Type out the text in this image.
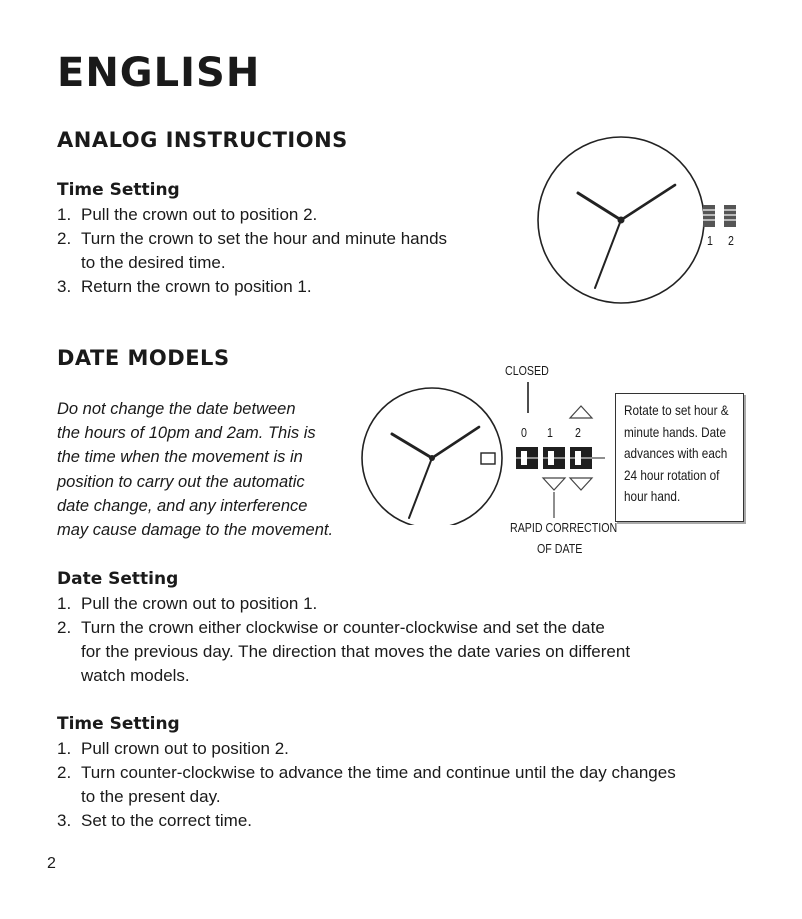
ENGLISH
ANALOG INSTRUCTIONS
Time Setting
1. Pull the crown out to position 2.
2. Turn the crown to set the hour and minute hands
to the desired time.
3. Return the crown to position 1.
1 2
DATE MODELS
Do not change the date between
the hours of 10pm and 2am. This is
the time when the movement is in
position to carry out the automatic
date change, and any interference
may cause damage to the movement.
CLOSED
0 1 2
RAPID CORRECTION
OF DATE
Rotate to set hour &
minute hands. Date
advances with each
24 hour rotation of
hour hand.
Date Setting
1. Pull the crown out to position 1.
2. Turn the crown either clockwise or counter-clockwise and set the date
for the previous day. The direction that moves the date varies on different
watch models.
Time Setting
1. Pull crown out to position 2.
2. Turn counter-clockwise to advance the time and continue until the day changes
to the present day.
3. Set to the correct time.
2
